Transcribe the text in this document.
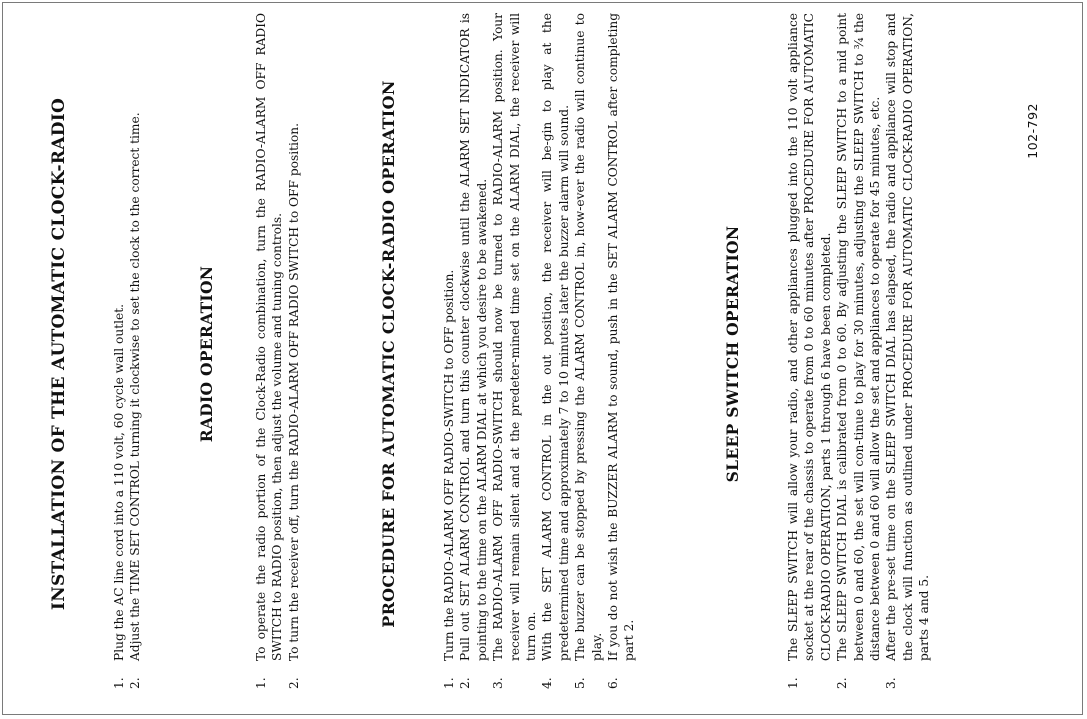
INSTALLATION OF THE AUTOMATIC CLOCK-RADIO
1.
Plug the AC line cord into a 110 volt, 60 cycle wall outlet.
2.
Adjust the TIME SET CONTROL turning it clockwise to set the clock to the correct time.	RADIO OPERATION
1.
To operate the radio portion of the Clock-Radio combination, turn the RADIO-ALARM OFF RADIO SWITCH to RADIO position, then adjust the volume and tuning controls.
2.
To turn the receiver off, turn the RADIO-ALARM OFF RADIO SWITCH to OFF position.	PROCEDURE FOR AUTOMATIC CLOCK-RADIO OPERATION
1.
Turn the RADIO-ALARM OFF RADIO-SWITCH to OFF position.
2.
Pull out SET ALARM CONTROL and turn this counter clockwise until the ALARM SET INDICATOR is pointing to the time on the ALARM DIAL at which you desire to be awakened.
3.
The RADIO-ALARM OFF RADIO-SWITCH should now be turned to RADIO-ALARM position. Your receiver will remain silent and at the predeter-mined time set on the ALARM DIAL, the receiver will turn on.
4.
With the SET ALARM CONTROL in the out position, the receiver will be-gin to play at the predetermined time and approximately 7 to 10 minutes later the buzzer alarm will sound.
5.
The buzzer can be stopped by pressing the ALARM CONTROL in, how-ever the radio will continue to play.
6.
If you do not wish the BUZZER ALARM to sound, push in the SET ALARM CONTROL after completing part 2.
SLEEP SWITCH OPERATION
1.
The SLEEP SWITCH will allow your radio, and other appliances plugged into the 110 volt appliance socket at the rear of the chassis to operate from 0 to 60 minutes after PROCEDURE FOR AUTOMATIC CLOCK-RADIO OPERATION, parts 1 through 6 have been completed.
2.
The SLEEP SWITCH DIAL is calibrated from 0 to 60. By adjusting the SLEEP SWITCH to a mid point between 0 and 60, the set will con-tinue to play for 30 minutes, adjusting the SLEEP SWITCH to ¾ the distance between 0 and 60 will allow the set and appliances to operate for 45 minutes, etc.
3.
After the pre-set time on the SLEEP SWITCH DIAL has elapsed, the radio and appliance will stop and the clock will function as outlined under PROCEDURE FOR AUTOMATIC CLOCK-RADIO OPERATION, parts 4 and 5.
102-792
